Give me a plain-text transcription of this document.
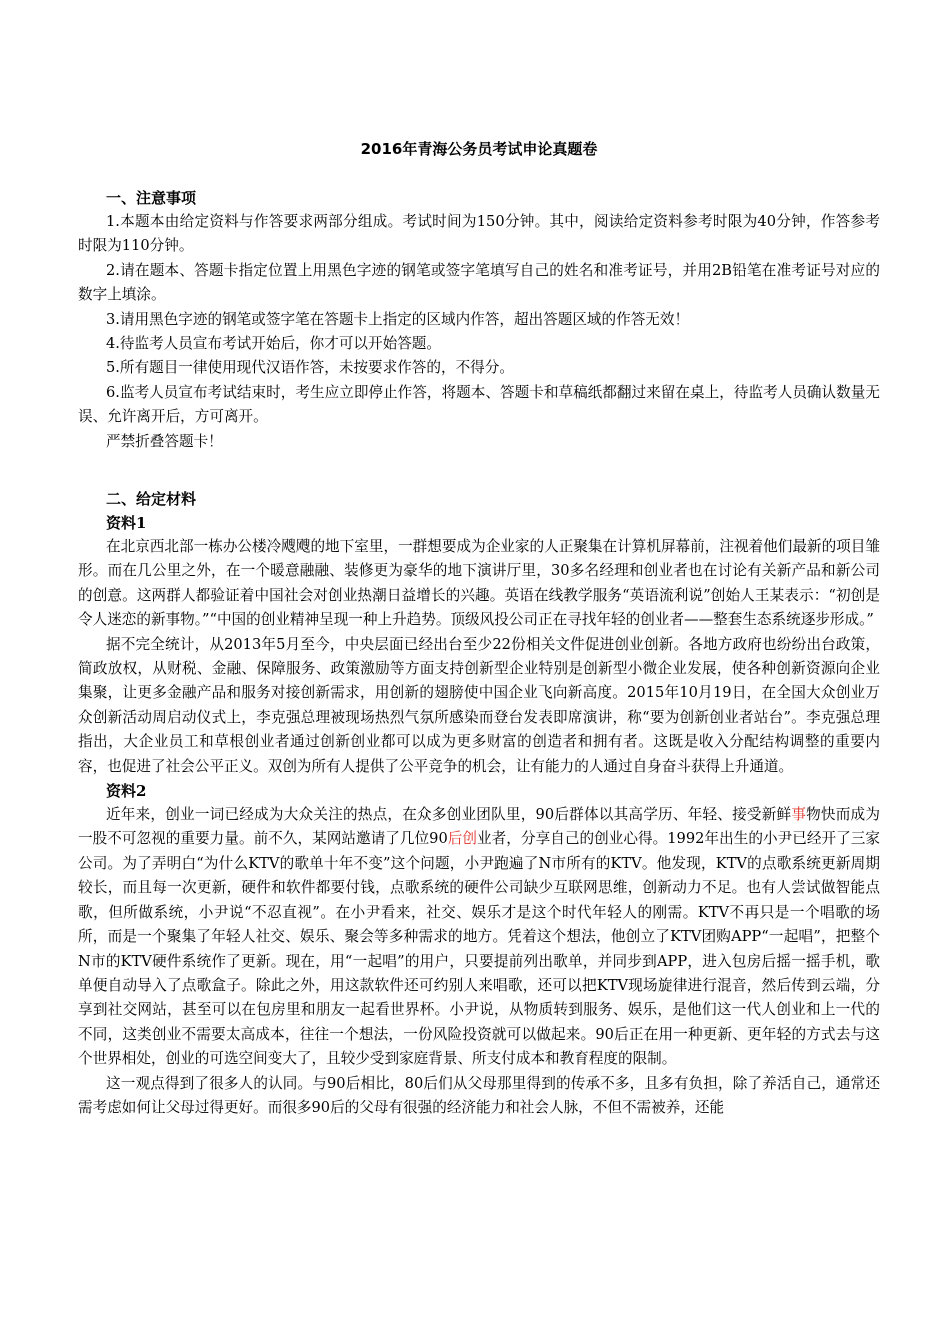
2016年青海公务员考试申论真题卷
一、注意事项

1.本题本由给定资料与作答要求两部分组成。考试时间为150分钟。其中，阅读给定资料参考时限为40分钟，作答参考时限为110分钟。

2.请在题本、答题卡指定位置上用黑色字迹的钢笔或签字笔填写自己的姓名和准考证号，并用2B铅笔在准考证号对应的数字上填涂。

3.请用黑色字迹的钢笔或签字笔在答题卡上指定的区域内作答，超出答题区域的作答无效！

4.待监考人员宣布考试开始后，你才可以开始答题。

5.所有题目一律使用现代汉语作答，未按要求作答的，不得分。

6.监考人员宣布考试结束时，考生应立即停止作答，将题本、答题卡和草稿纸都翻过来留在桌上，待监考人员确认数量无误、允许离开后，方可离开。

严禁折叠答题卡！

二、给定材料
资料1

在北京西北部一栋办公楼冷飕飕的地下室里，一群想要成为企业家的人正聚集在计算机屏幕前，注视着他们最新的项目雏形。而在几公里之外，在一个暖意融融、装修更为豪华的地下演讲厅里，30多名经理和创业者也在讨论有关新产品和新公司的创意。这两群人都验证着中国社会对创业热潮日益增长的兴趣。英语在线教学服务“英语流利说”创始人王某表示：“初创是令人迷恋的新事物。”“中国的创业精神呈现一种上升趋势。顶级风投公司正在寻找年轻的创业者——整套生态系统逐步形成。”

据不完全统计，从2013年5月至今，中央层面已经出台至少22份相关文件促进创业创新。各地方政府也纷纷出台政策，简政放权，从财税、金融、保障服务、政策激励等方面支持创新型企业特别是创新型小微企业发展，使各种创新资源向企业集聚，让更多金融产品和服务对接创新需求，用创新的翅膀使中国企业飞向新高度。2015年10月19日，在全国大众创业万众创新活动周启动仪式上，李克强总理被现场热烈气氛所感染而登台发表即席演讲，称“要为创新创业者站台”。李克强总理指出，大企业员工和草根创业者通过创新创业都可以成为更多财富的创造者和拥有者。这既是收入分配结构调整的重要内容，也促进了社会公平正义。双创为所有人提供了公平竞争的机会，让有能力的人通过自身奋斗获得上升通道。

资料2

近年来，创业一词已经成为大众关注的热点，在众多创业团队里，90后群体以其高学历、年轻、接受新鲜事物快而成为一股不可忽视的重要力量。前不久，某网站邀请了几位90后创业者，分享自己的创业心得。1992年出生的小尹已经开了三家公司。为了弄明白“为什么KTV的歌单十年不变”这个问题，小尹跑遍了N市所有的KTV。他发现，KTV的点歌系统更新周期较长，而且每一次更新，硬件和软件都要付钱，点歌系统的硬件公司缺少互联网思维，创新动力不足。也有人尝试做智能点歌，但所做系统，小尹说“不忍直视”。在小尹看来，社交、娱乐才是这个时代年轻人的刚需。KTV不再只是一个唱歌的场所，而是一个聚集了年轻人社交、娱乐、聚会等多种需求的地方。凭着这个想法，他创立了KTV团购APP“一起唱”，把整个N市的KTV硬件系统作了更新。现在，用“一起唱”的用户，只要提前列出歌单，并同步到APP，进入包房后摇一摇手机，歌单便自动导入了点歌盒子。除此之外，用这款软件还可约别人来唱歌，还可以把KTV现场旋律进行混音，然后传到云端，分享到社交网站，甚至可以在包房里和朋友一起看世界杯。小尹说，从物质转到服务、娱乐，是他们这一代人创业和上一代的不同，这类创业不需要太高成本，往往一个想法，一份风险投资就可以做起来。90后正在用一种更新、更年轻的方式去与这个世界相处，创业的可选空间变大了，且较少受到家庭背景、所支付成本和教育程度的限制。

这一观点得到了很多人的认同。与90后相比，80后们从父母那里得到的传承不多，且多有负担，除了养活自己，通常还需考虑如何让父母过得更好。而很多90后的父母有很强的经济能力和社会人脉，不但不需被养，还能
